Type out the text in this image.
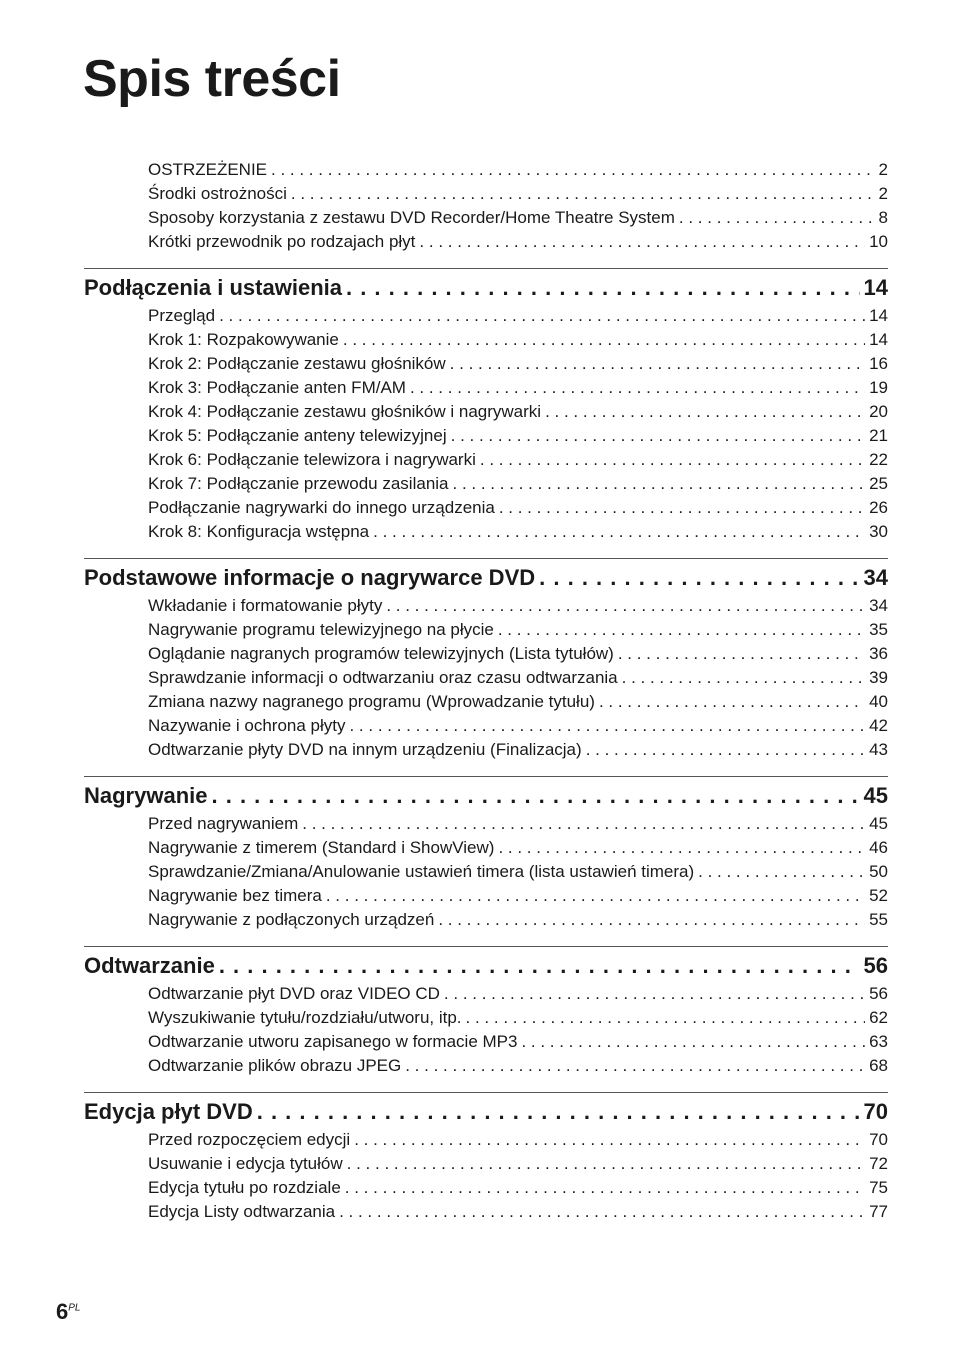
Spis treści
OSTRZEŻENIE . . .	2
Środki ostrożności . . .	2
Sposoby korzystania z zestawu DVD Recorder/Home Theatre System . . .	8
Krótki przewodnik po rodzajach płyt . . .	10
Podłączenia i ustawienia . . .	14
Przegląd . . .	14
Krok 1: Rozpakowywanie . . .	14
Krok 2: Podłączanie zestawu głośników . . .	16
Krok 3: Podłączanie anten FM/AM . . .	19
Krok 4: Podłączanie zestawu głośników i nagrywarki . . .	20
Krok 5: Podłączanie anteny telewizyjnej . . .	21
Krok 6: Podłączanie telewizora i nagrywarki . . .	22
Krok 7: Podłączanie przewodu zasilania . . .	25
Podłączanie nagrywarki do innego urządzenia . . .	26
Krok 8: Konfiguracja wstępna . . .	30
Podstawowe informacje o nagrywarce DVD . . .	34
Wkładanie i formatowanie płyty . . .	34
Nagrywanie programu telewizyjnego na płycie . . .	35
Oglądanie nagranych programów telewizyjnych (Lista tytułów) . . .	36
Sprawdzanie informacji o odtwarzaniu oraz czasu odtwarzania . . .	39
Zmiana nazwy nagranego programu (Wprowadzanie tytułu) . . .	40
Nazywanie i ochrona płyty . . .	42
Odtwarzanie płyty DVD na innym urządzeniu (Finalizacja) . . .	43
Nagrywanie . . .	45
Przed nagrywaniem . . .	45
Nagrywanie z timerem (Standard i ShowView) . . .	46
Sprawdzanie/Zmiana/Anulowanie ustawień timera (lista ustawień timera) . . .	50
Nagrywanie bez timera . . .	52
Nagrywanie z podłączonych urządzeń . . .	55
Odtwarzanie . . .	56
Odtwarzanie płyt DVD oraz VIDEO CD . . .	56
Wyszukiwanie tytułu/rozdziału/utworu, itp. . . .	62
Odtwarzanie utworu zapisanego w formacie MP3 . . .	63
Odtwarzanie plików obrazu JPEG . . .	68
Edycja płyt DVD . . .	70
Przed rozpoczęciem edycji . . .	70
Usuwanie i edycja tytułów . . .	72
Edycja tytułu po rozdziale . . .	75
Edycja Listy odtwarzania . . .	77
6$^{PL}$
